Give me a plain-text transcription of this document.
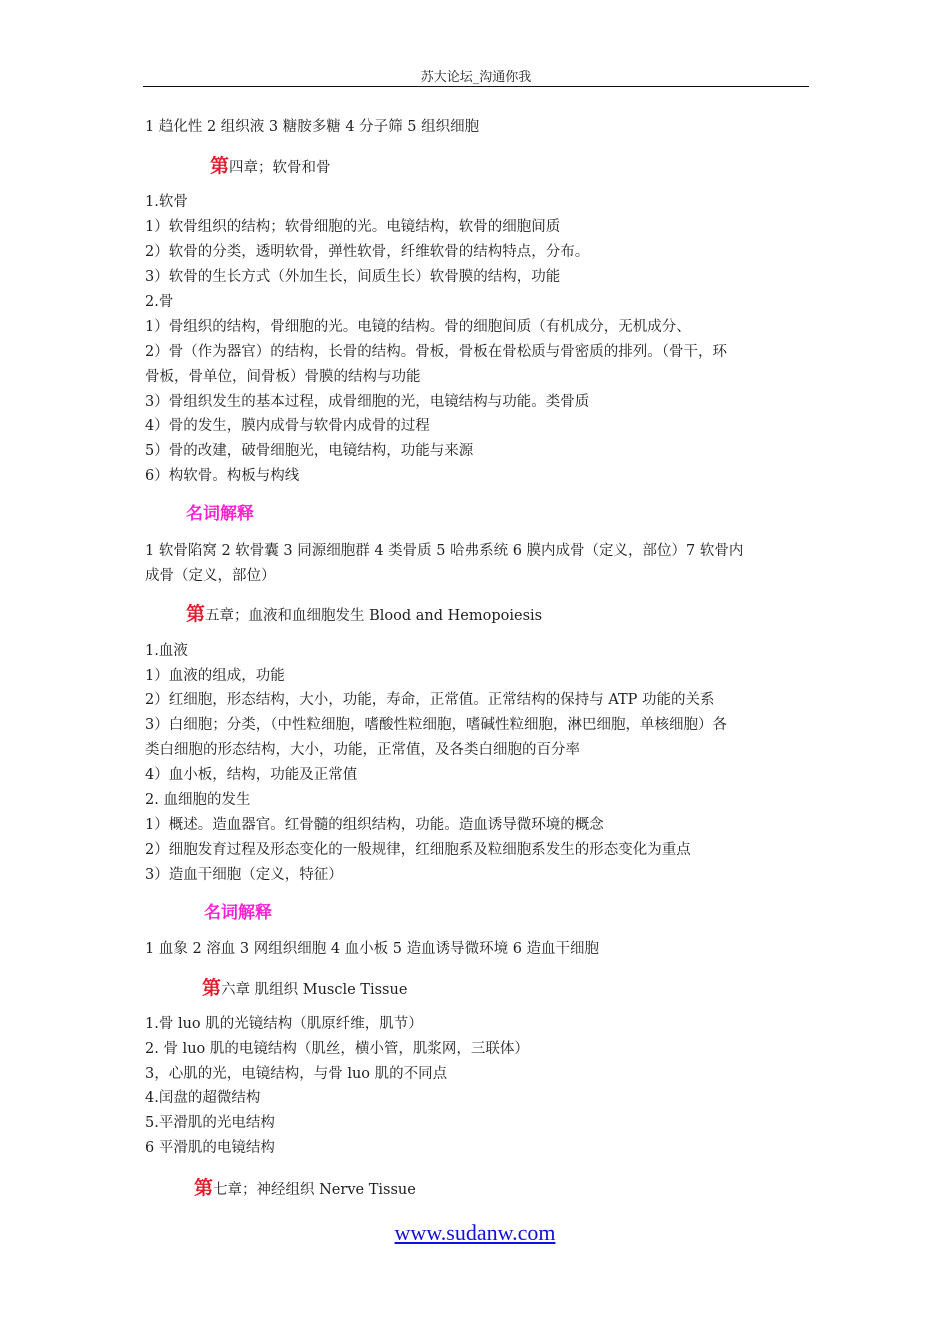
苏大论坛_沟通你我
1 趋化性 2 组织液 3 糖胺多糖 4 分子筛 5 组织细胞
第四章；软骨和骨
1.软骨
1）软骨组织的结构；软骨细胞的光。电镜结构，软骨的细胞间质
2）软骨的分类，透明软骨，弹性软骨，纤维软骨的结构特点，分布。
3）软骨的生长方式（外加生长，间质生长）软骨膜的结构，功能
2.骨
1）骨组织的结构，骨细胞的光。电镜的结构。骨的细胞间质（有机成分，无机成分、
2）骨（作为器官）的结构，长骨的结构。骨板，骨板在骨松质与骨密质的排列。（骨干，环
骨板，骨单位，间骨板）骨膜的结构与功能
3）骨组织发生的基本过程，成骨细胞的光，电镜结构与功能。类骨质
4）骨的发生，膜内成骨与软骨内成骨的过程
5）骨的改建，破骨细胞光，电镜结构，功能与来源
6）构软骨。构板与构线
名词解释
1 软骨陷窝 2 软骨囊 3 同源细胞群 4 类骨质 5 哈弗系统 6 膜内成骨（定义，部位）7 软骨内
成骨（定义，部位）
第五章；血液和血细胞发生 Blood and Hemopoiesis
1.血液
1）血液的组成，功能
2）红细胞，形态结构，大小，功能，寿命，正常值。正常结构的保持与 ATP 功能的关系
3）白细胞；分类，（中性粒细胞，嗜酸性粒细胞，嗜碱性粒细胞，淋巴细胞，单核细胞）各
类白细胞的形态结构，大小，功能，正常值，及各类白细胞的百分率
4）血小板，结构，功能及正常值
2. 血细胞的发生
1）概述。造血器官。红骨髓的组织结构，功能。造血诱导微环境的概念
2）细胞发育过程及形态变化的一般规律，红细胞系及粒细胞系发生的形态变化为重点
3）造血干细胞（定义，特征）
名词解释
1 血象 2 溶血 3 网组织细胞 4 血小板 5 造血诱导微环境 6 造血干细胞
第六章 肌组织 Muscle Tissue
1.骨 luo 肌的光镜结构（肌原纤维，肌节）
2. 骨 luo 肌的电镜结构（肌丝，横小管，肌浆网，三联体）
3，心肌的光，电镜结构，与骨 luo 肌的不同点
4.闰盘的超微结构
5.平滑肌的光电结构
6 平滑肌的电镜结构
第七章；神经组织 Nerve Tissue
www.sudanw.com
